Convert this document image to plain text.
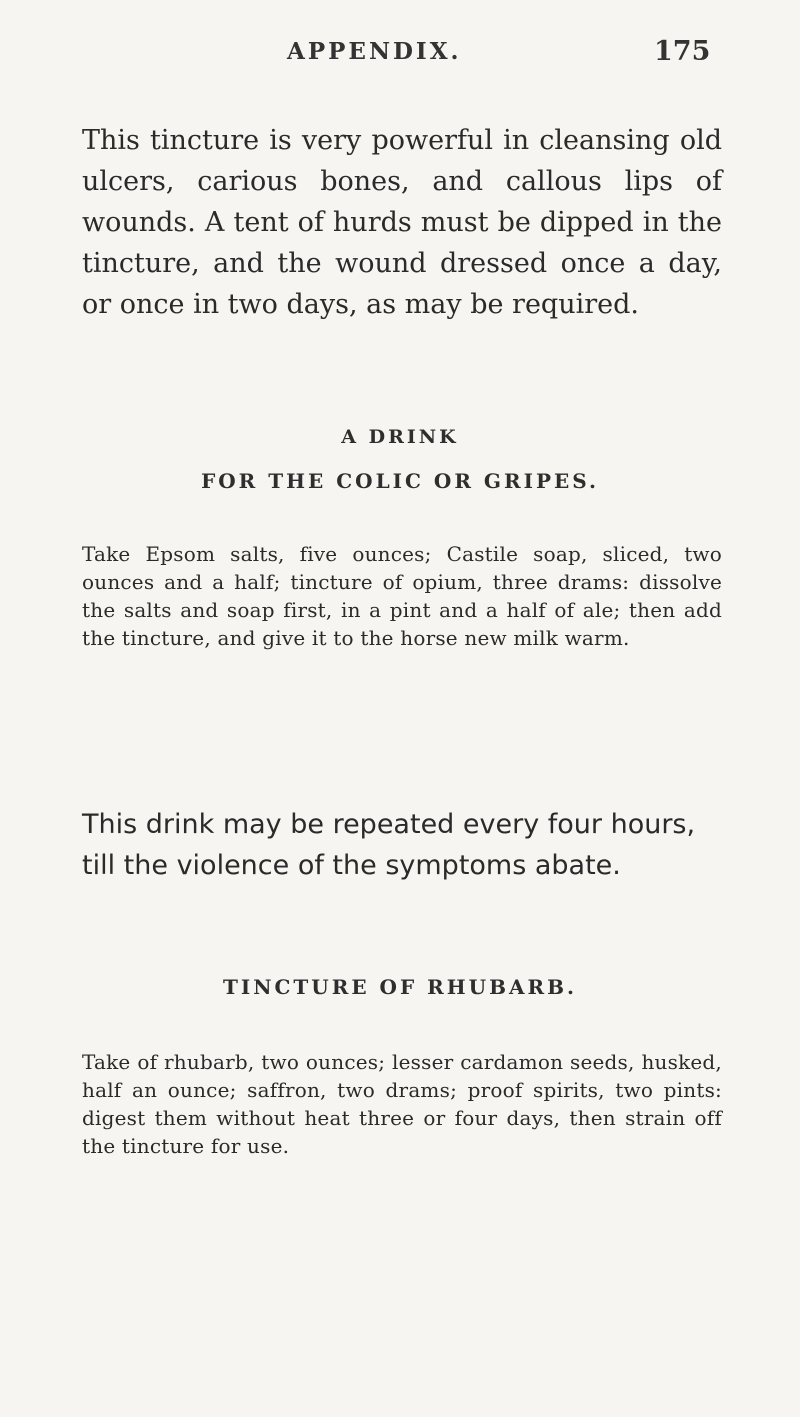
APPENDIX.	175

This tincture is very powerful in cleansing old ulcers, carious bones, and callous lips of wounds. A tent of hurds must be dipped in the tincture, and the wound dressed once a day, or once in two days, as may be required.

A DRINK
FOR THE COLIC OR GRIPES.

Take Epsom salts, five ounces; Castile soap, sliced, two ounces and a half; tincture of opium, three drams: dissolve the salts and soap first, in a pint and a half of ale; then add the tincture, and give it to the horse new milk warm.

This drink may be repeated every four hours, till the violence of the symptoms abate.

TINCTURE OF RHUBARB.

Take of rhubarb, two ounces; lesser cardamon seeds, husked, half an ounce; saffron, two drams; proof spirits, two pints: digest them without heat three or four days, then strain off the tincture for use.
